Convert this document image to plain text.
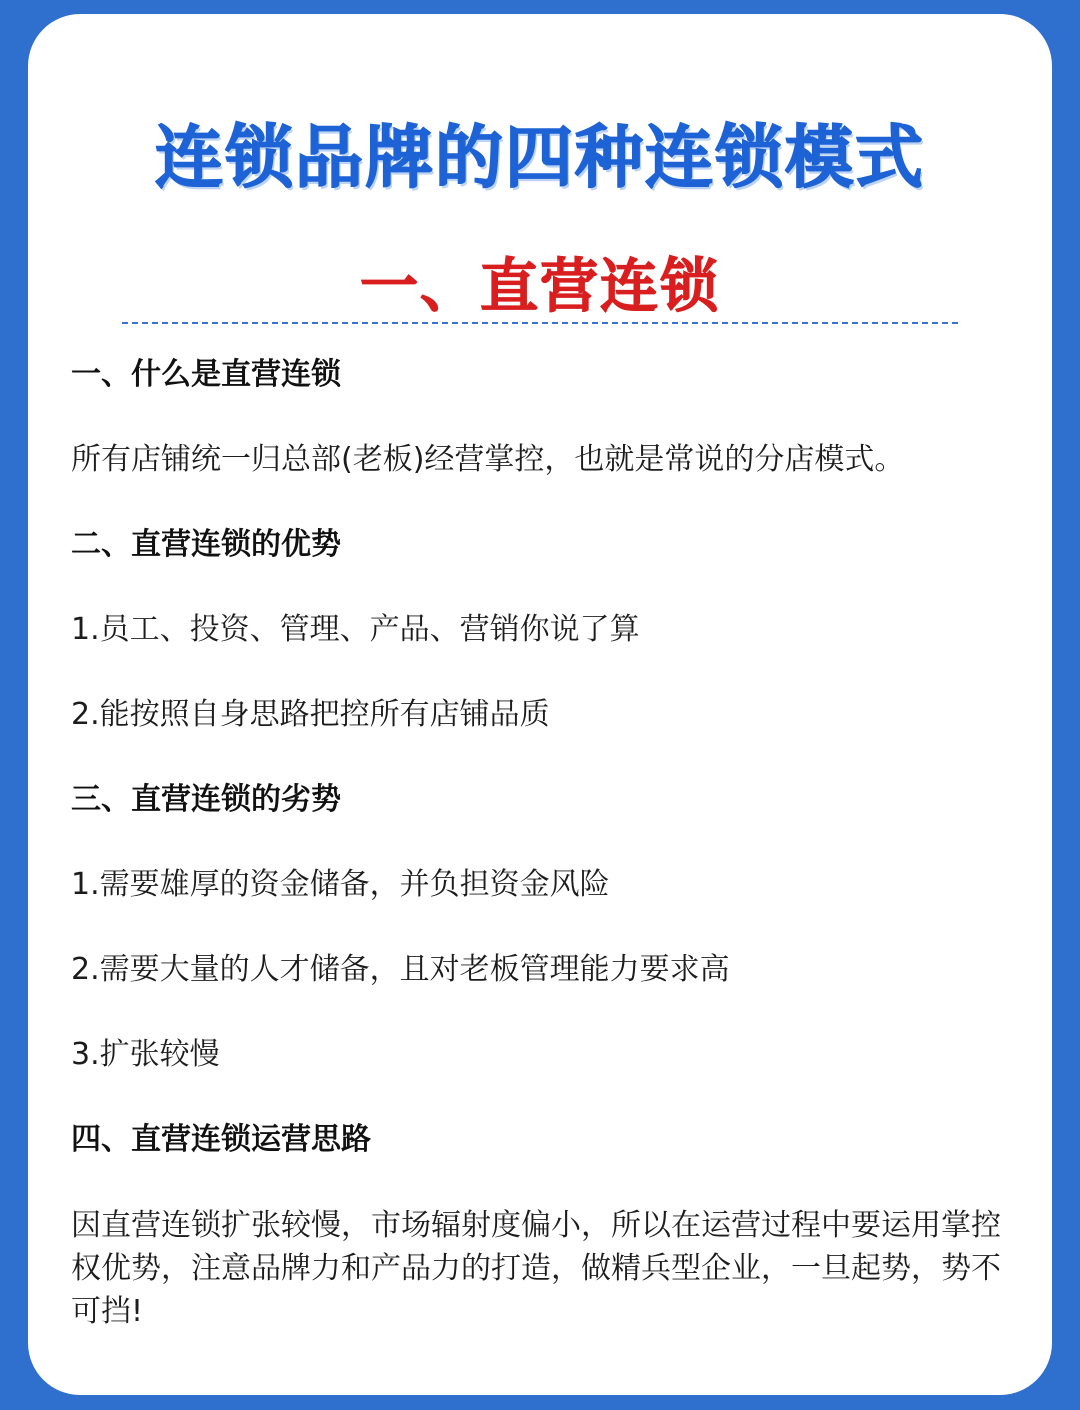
连锁品牌的四种连锁模式
一、直营连锁
一、什么是直营连锁
所有店铺统一归总部(老板)经营掌控，也就是常说的分店模式。
二、直营连锁的优势
1.员工、投资、管理、产品、营销你说了算
2.能按照自身思路把控所有店铺品质
三、直营连锁的劣势
1.需要雄厚的资金储备，并负担资金风险
2.需要大量的人才储备，且对老板管理能力要求高
3.扩张较慢
四、直营连锁运营思路
因直营连锁扩张较慢，市场辐射度偏小，所以在运营过程中要运用掌控权优势，注意品牌力和产品力的打造，做精兵型企业，一旦起势，势不可挡!
